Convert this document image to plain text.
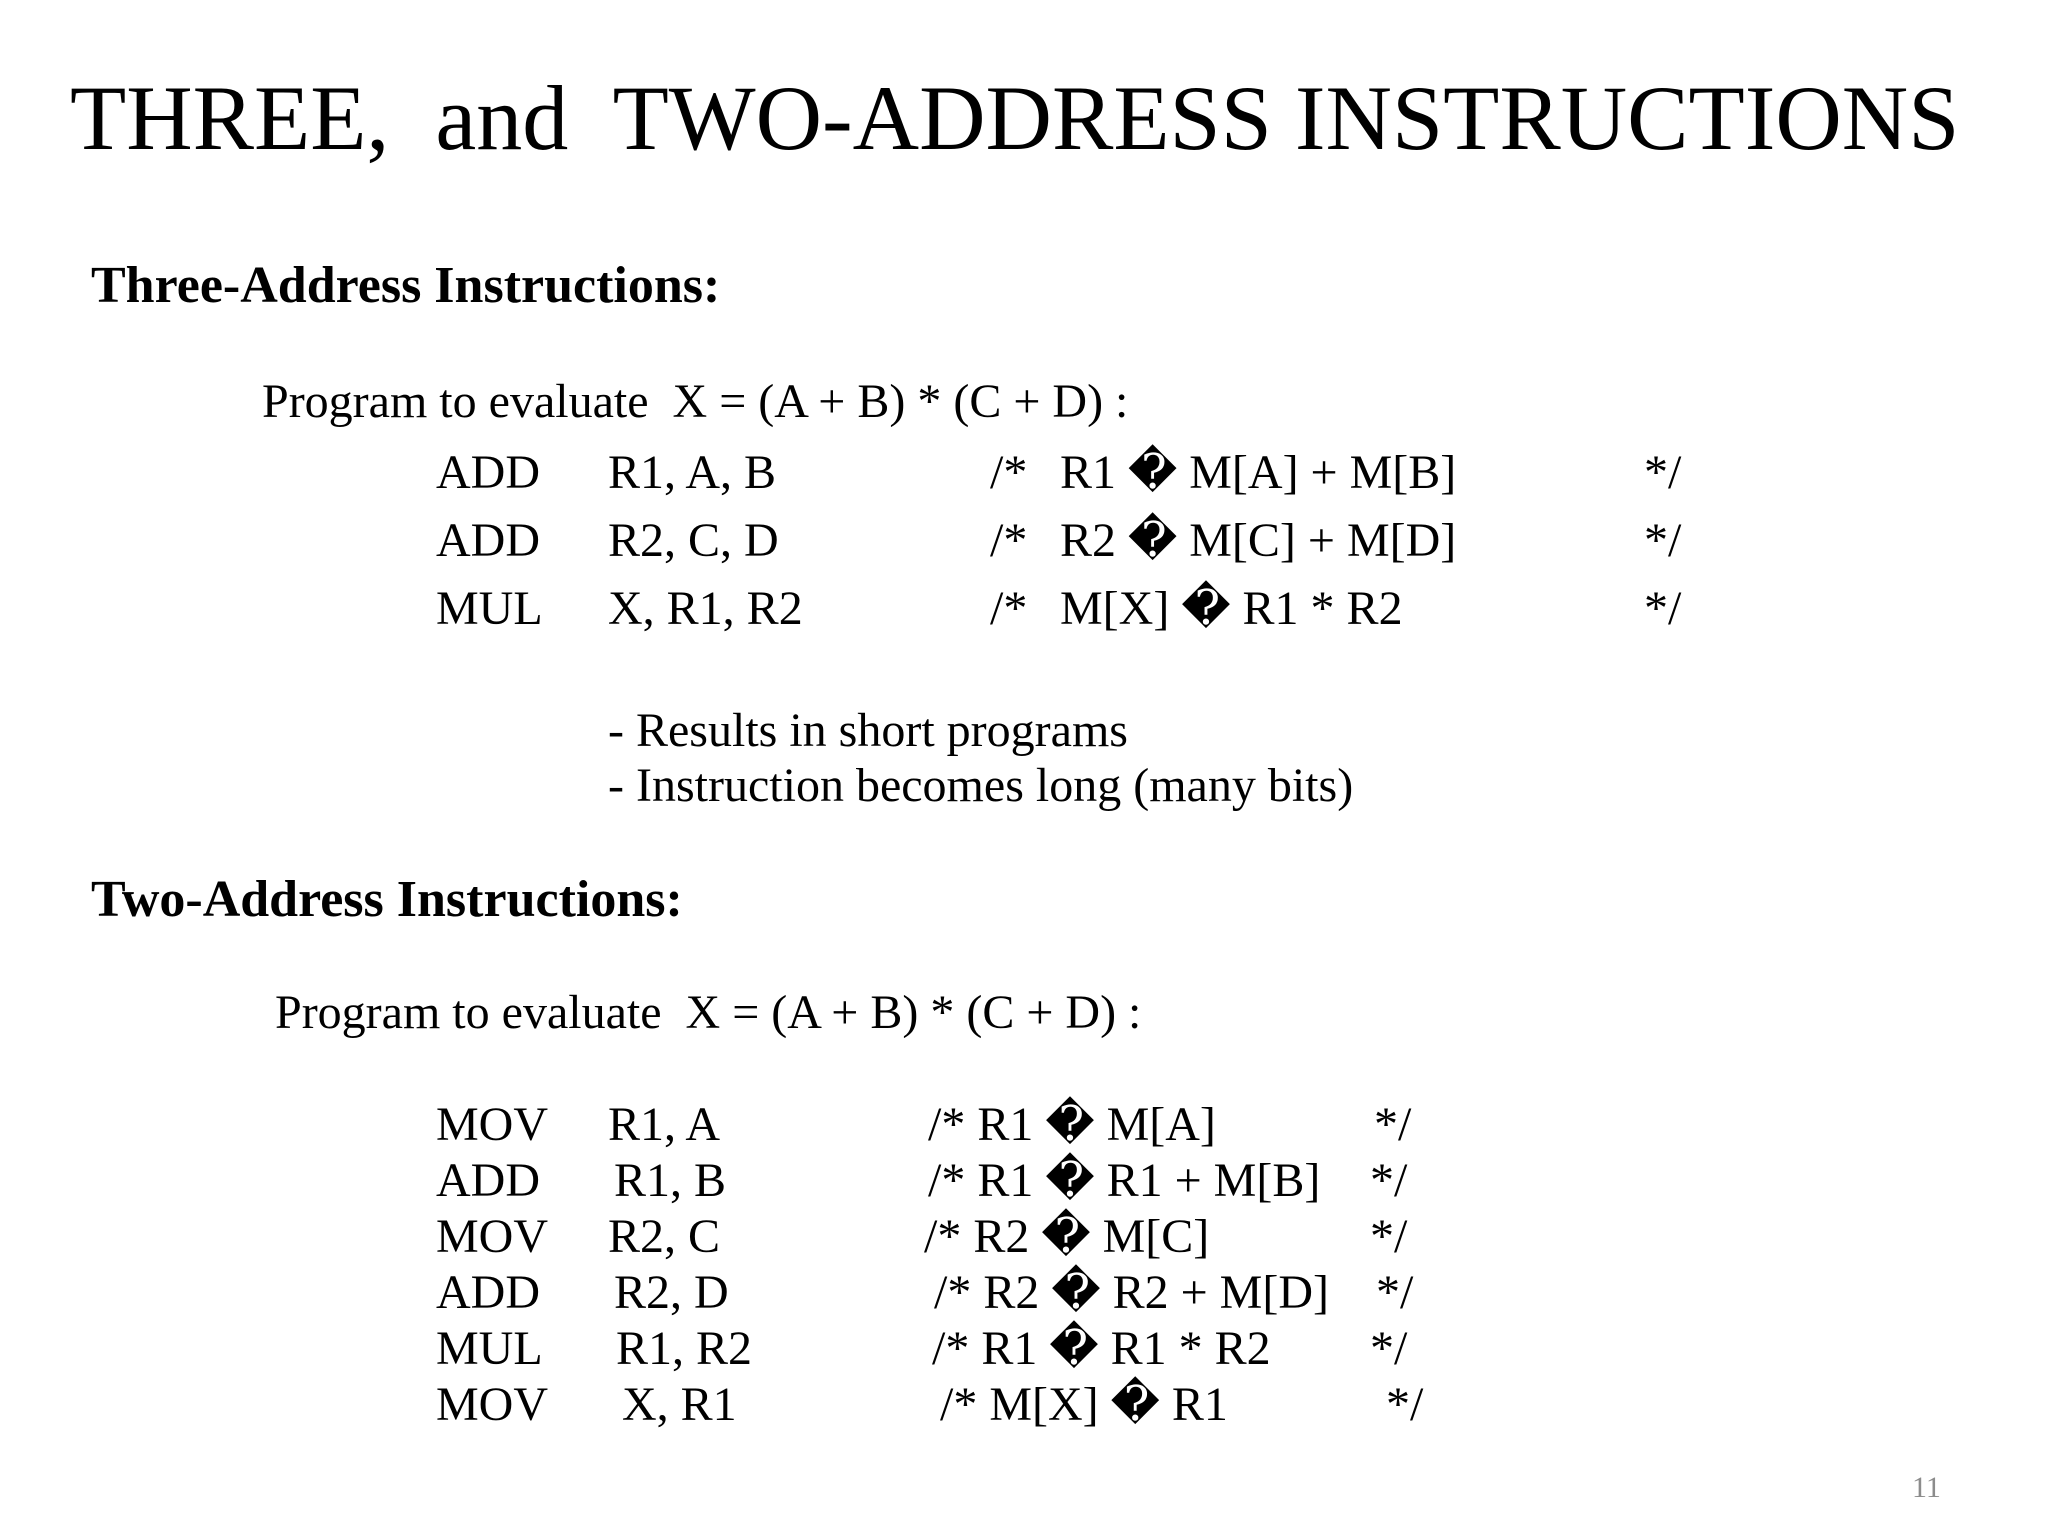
THREE,  and  TWO-ADDRESS INSTRUCTIONS
Three-Address Instructions:
Program to evaluate  X = (A + B) * (C + D) :
ADD R1, A, B	/* R1 � M[A] + M[B]	*/
ADD R2, C, D	/* R2 � M[C] + M[D]	*/
MUL X, R1, R2	/* M[X] � R1 * R2	*/
- Results in short programs
- Instruction becomes long (many bits)
Two-Address Instructions:
Program to evaluate  X = (A + B) * (C + D) :
MOV R1, A	/* R1 � M[A]	*/
ADD R1, B	/* R1 � R1 + M[B] */
MOV R2, C	/* R2 � M[C]	*/
ADD R2, D	/* R2 � R2 + M[D] */
MUL R1, R2	/* R1 � R1 * R2 */
MOV X, R1	/* M[X] � R1	*/
11
